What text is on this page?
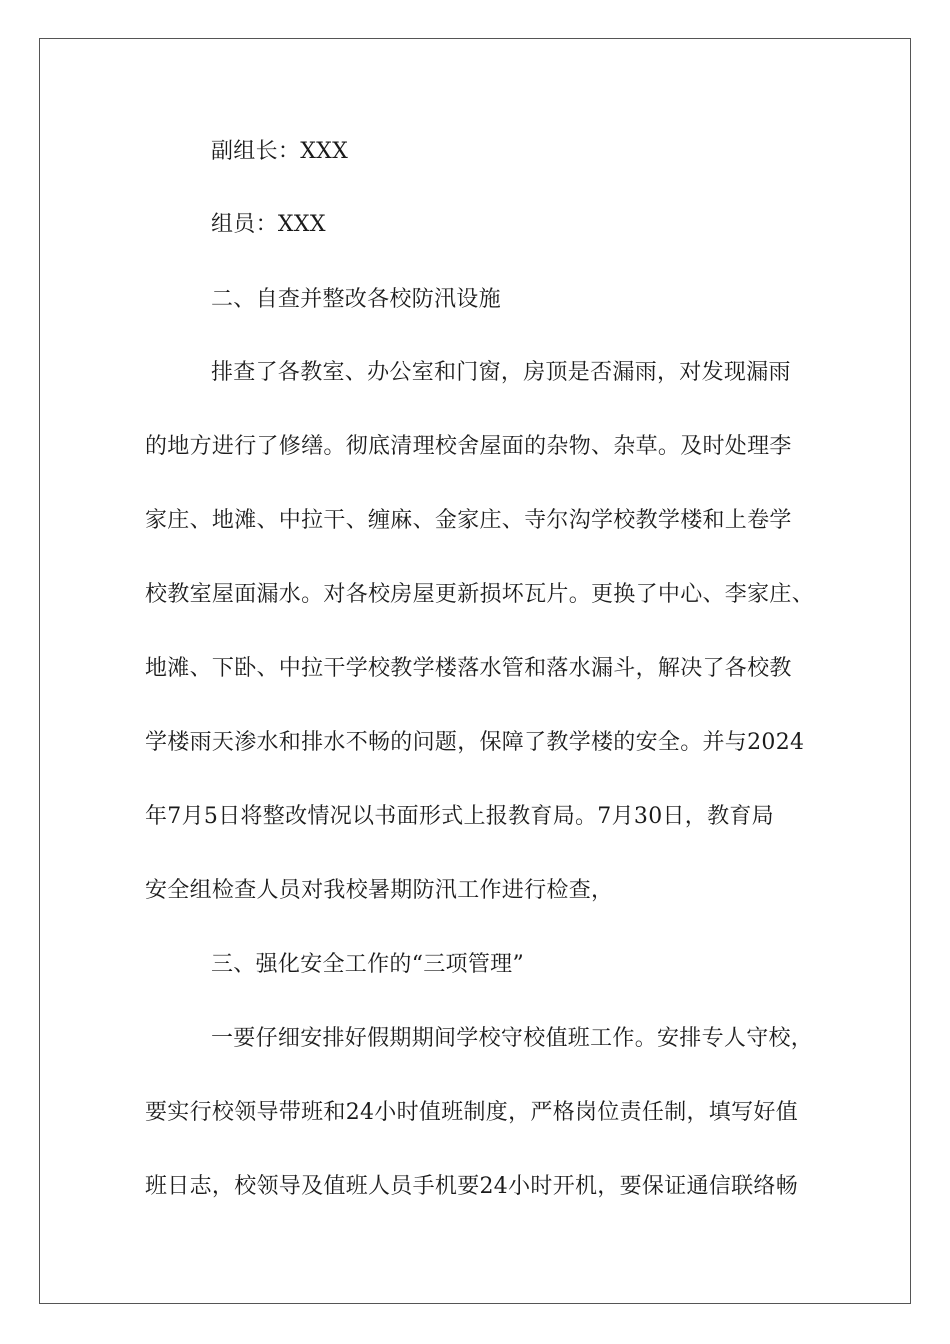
副组长：XXX
组员：XXX
二、自查并整改各校防汛设施
排查了各教室、办公室和门窗，房顶是否漏雨，对发现漏雨
的地方进行了修缮。彻底清理校舍屋面的杂物、杂草。及时处理李
家庄、地滩、中拉干、缠麻、金家庄、寺尔沟学校教学楼和上卷学
校教室屋面漏水。对各校房屋更新损坏瓦片。更换了中心、李家庄、
地滩、下卧、中拉干学校教学楼落水管和落水漏斗，解决了各校教
学楼雨天渗水和排水不畅的问题，保障了教学楼的安全。并与2024
年7月5日将整改情况以书面形式上报教育局。7月30日，教育局
安全组检查人员对我校暑期防汛工作进行检查，
三、强化安全工作的“三项管理”
一要仔细安排好假期期间学校守校值班工作。安排专人守校，
要实行校领导带班和24小时值班制度，严格岗位责任制，填写好值
班日志，校领导及值班人员手机要24小时开机，要保证通信联络畅
